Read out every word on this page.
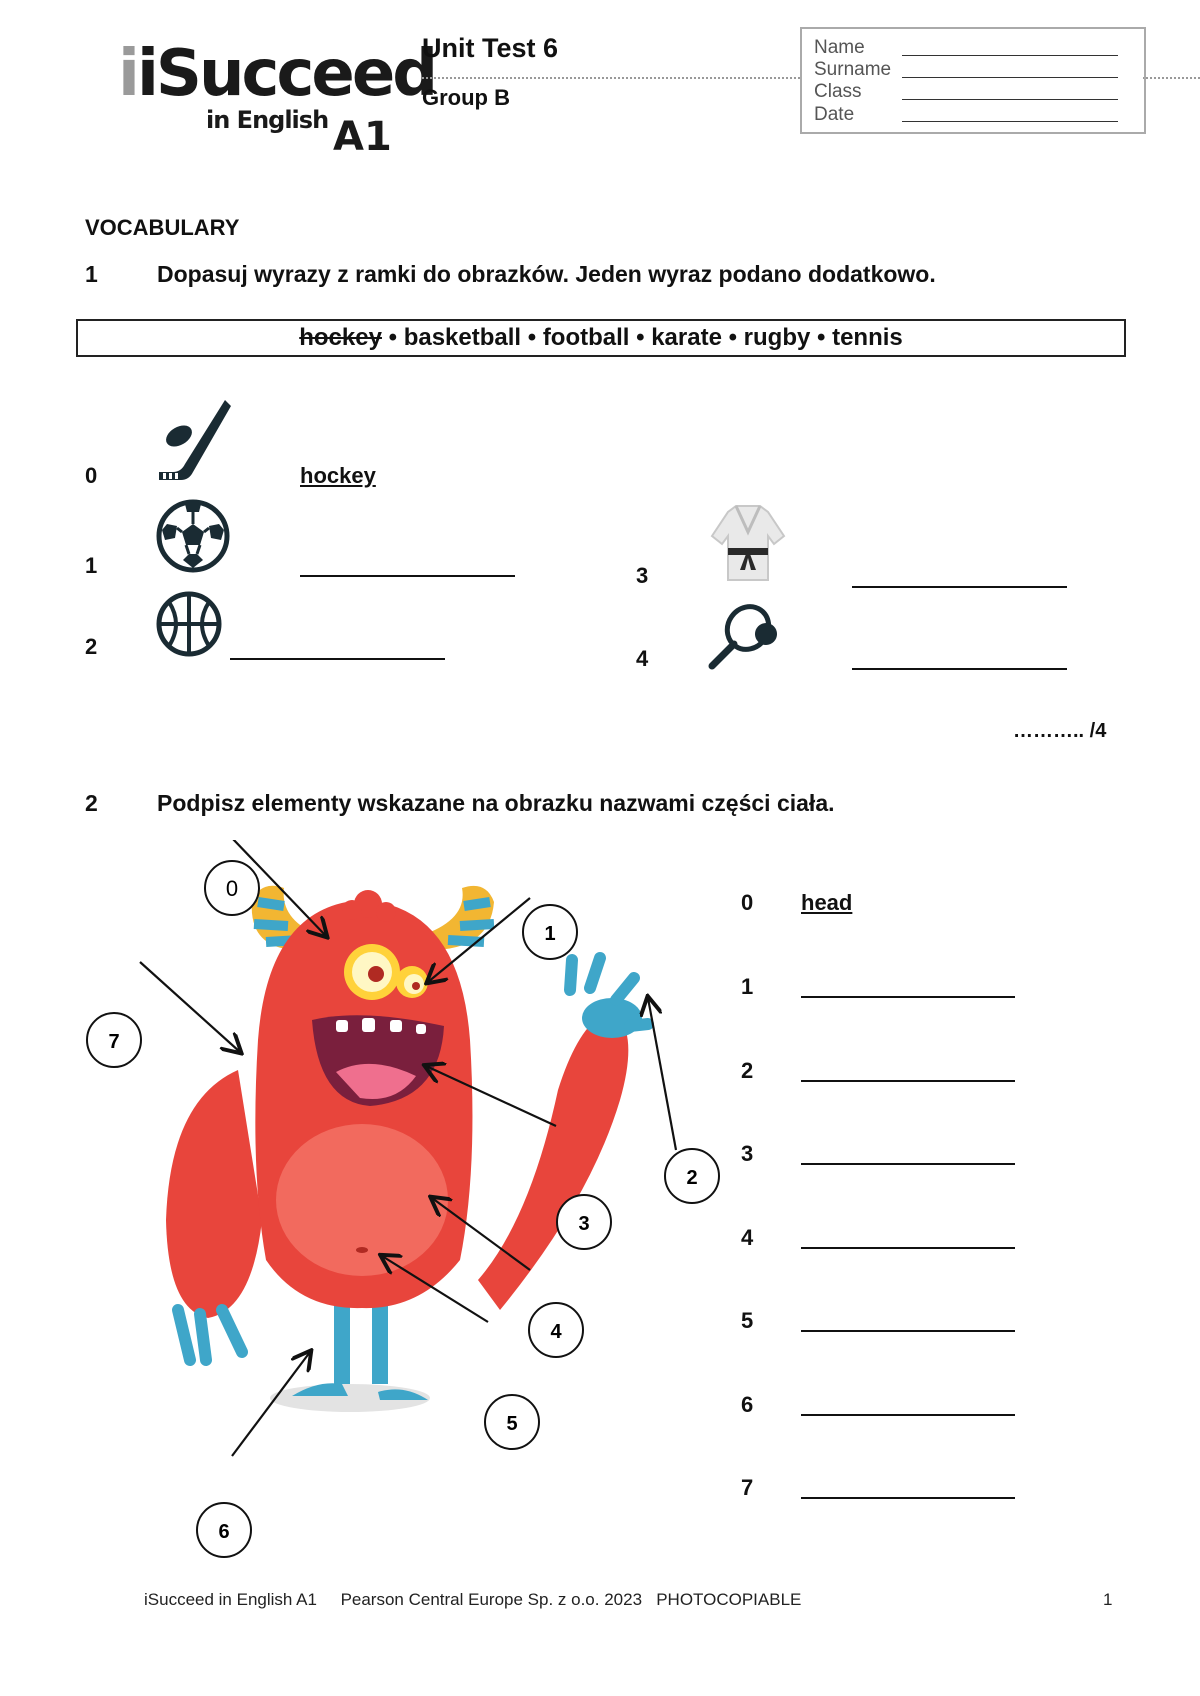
iiSucceed
in English A1
Unit Test 6
Group B
Name
Surname
Class
Date
VOCABULARY
1	Dopasuj wyrazy z ramki do obrazków. Jeden wyraz podano dodatkowo.
hockey • basketball • football • karate • rugby • tennis
0	hockey
1
2
3
4
……….. /4
2	Podpisz elementy wskazane na obrazku nazwami części ciała.
0
1
2
3
4
5
6
7
0 head
1
2
3
4
5
6
7
iSucceed in English A1     Pearson Central Europe Sp. z o.o. 2023   PHOTOCOPIABLE	1
